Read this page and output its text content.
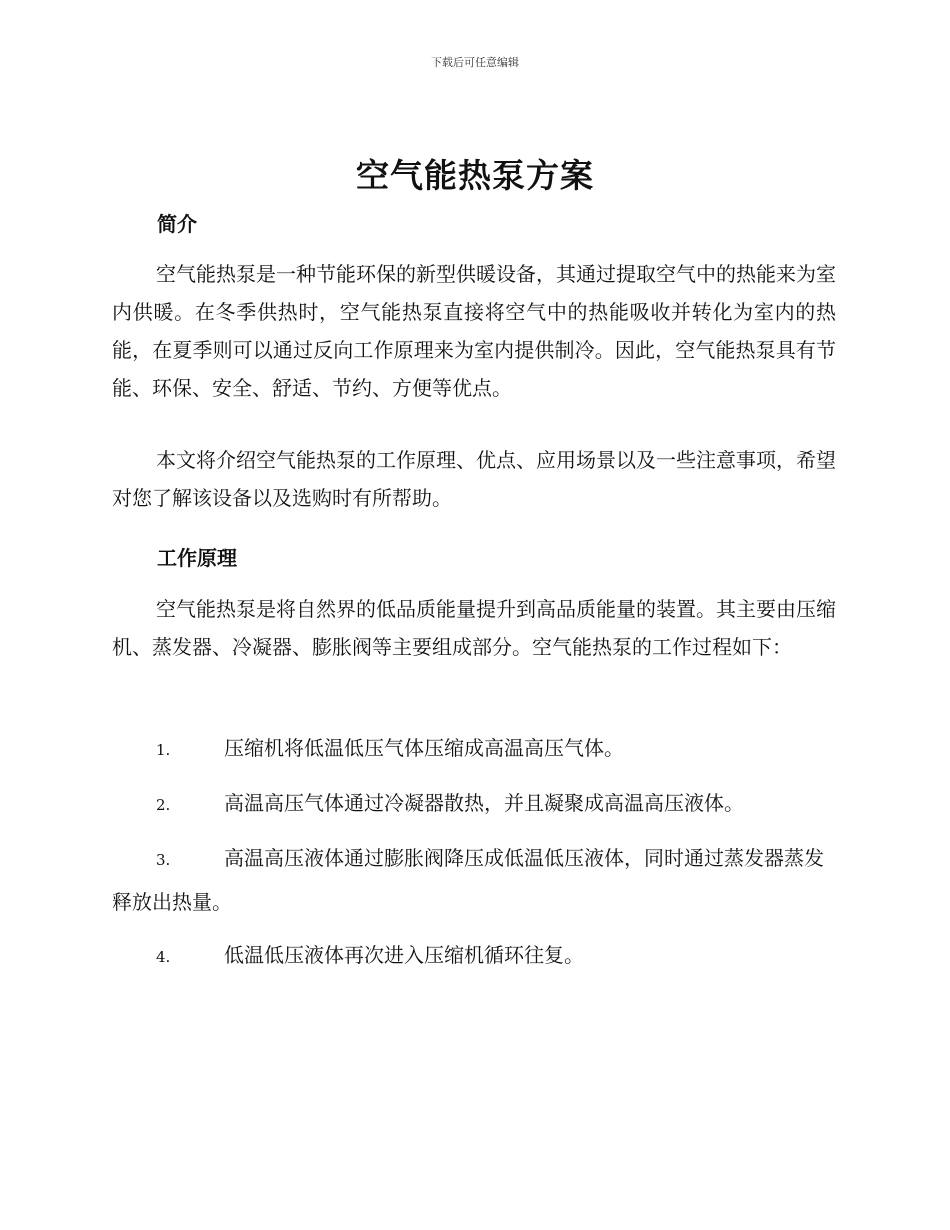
下载后可任意编辑
空气能热泵方案
简介
空气能热泵是一种节能环保的新型供暖设备，其通过提取空气中的热能来为室内供暖。在冬季供热时，空气能热泵直接将空气中的热能吸收并转化为室内的热能，在夏季则可以通过反向工作原理来为室内提供制冷。因此，空气能热泵具有节能、环保、安全、舒适、节约、方便等优点。
本文将介绍空气能热泵的工作原理、优点、应用场景以及一些注意事项，希望对您了解该设备以及选购时有所帮助。
工作原理
空气能热泵是将自然界的低品质能量提升到高品质能量的装置。其主要由压缩机、蒸发器、冷凝器、膨胀阀等主要组成部分。空气能热泵的工作过程如下：
1.	压缩机将低温低压气体压缩成高温高压气体。
2.	高温高压气体通过冷凝器散热，并且凝聚成高温高压液体。
3.	高温高压液体通过膨胀阀降压成低温低压液体，同时通过蒸发器蒸发释放出热量。
4.	低温低压液体再次进入压缩机循环往复。
